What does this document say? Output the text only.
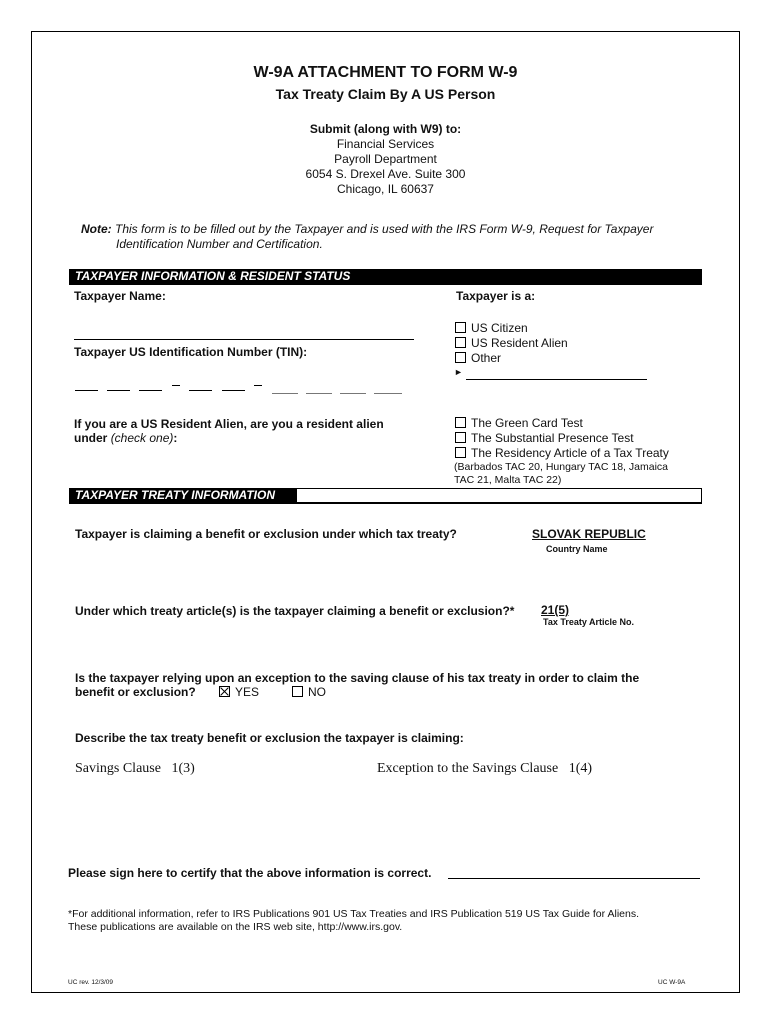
W-9A ATTACHMENT TO FORM W-9
Tax Treaty Claim By A US Person
Submit (along with W9) to:
Financial Services
Payroll Department
6054 S. Drexel Ave. Suite 300
Chicago, IL 60637
Note: This form is to be filled out by the Taxpayer and is used with the IRS Form W-9, Request for Taxpayer
Identification Number and Certification.
TAXPAYER INFORMATION & RESIDENT STATUS
Taxpayer Name:	Taxpayer is a:
US Citizen
US Resident Alien
Other
►
Taxpayer US Identification Number (TIN):
If you are a US Resident Alien, are you a resident alien
under (check one):
The Green Card Test
The Substantial Presence Test
The Residency Article of a Tax Treaty
(Barbados TAC 20, Hungary TAC 18, Jamaica
TAC 21, Malta TAC 22)
TAXPAYER TREATY INFORMATION
Taxpayer is claiming a benefit or exclusion under which tax treaty?	SLOVAK REPUBLIC
Country Name
Under which treaty article(s) is the taxpayer claiming a benefit or exclusion?* 21(5)
Tax Treaty Article No.
Is the taxpayer relying upon an exception to the saving clause of his tax treaty in order to claim the
benefit or exclusion?	YES	NO
Describe the tax treaty benefit or exclusion the taxpayer is claiming:
Savings Clause   1(3)	Exception to the Savings Clause   1(4)
Please sign here to certify that the above information is correct.
*For additional information, refer to IRS Publications 901 US Tax Treaties and IRS Publication 519 US Tax Guide for Aliens.
These publications are available on the IRS web site, http://www.irs.gov.
UC rev. 12/3/09	UC W-9A
